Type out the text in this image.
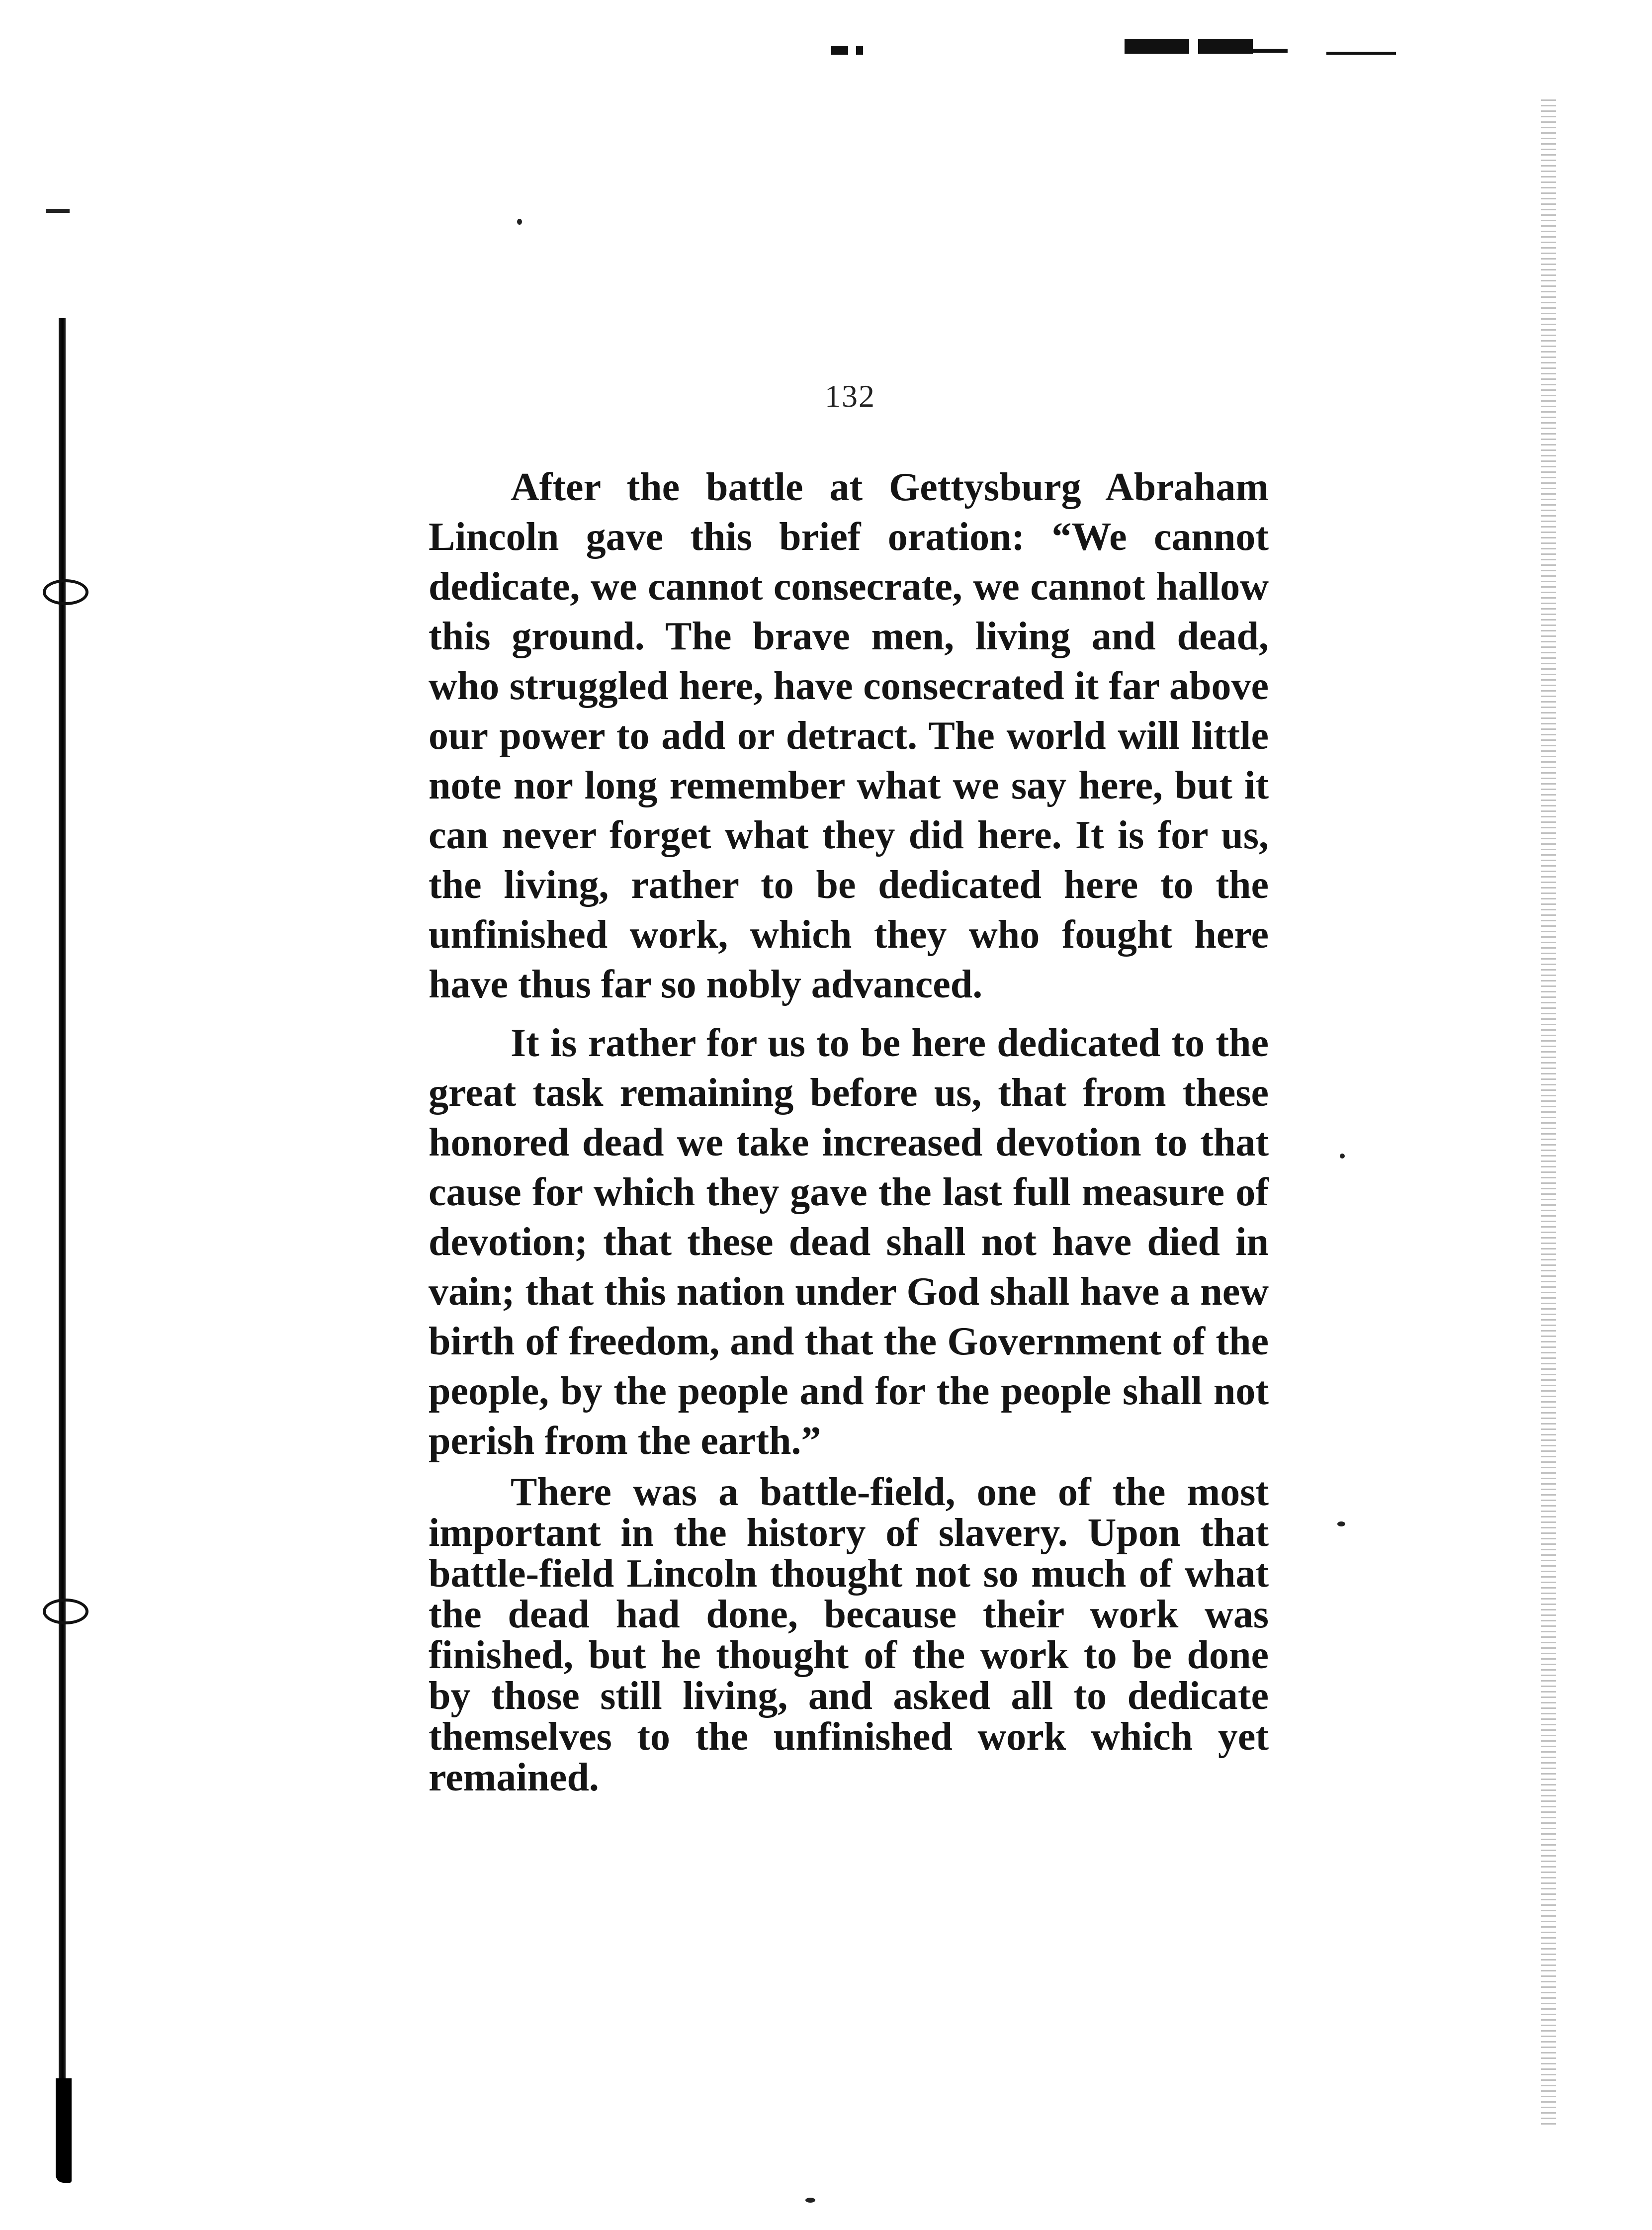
132

After the battle at Gettysburg Abraham Lincoln gave this brief oration: “We cannot dedicate, we cannot consecrate, we cannot hallow this ground. The brave men, living and dead, who struggled here, have consecrated it far above our power to add or detract. The world will little note nor long remember what we say here, but it can never forget what they did here. It is for us, the living, rather to be dedicated here to the unfinished work, which they who fought here have thus far so nobly advanced.

It is rather for us to be here dedicated to the great task remaining before us, that from these honored dead we take increased devotion to that cause for which they gave the last full measure of devotion; that these dead shall not have died in vain; that this nation under God shall have a new birth of freedom, and that the Government of the people, by the people and for the people shall not perish from the earth.”

There was a battle-field, one of the most important in the history of slavery. Upon that battle-field Lincoln thought not so much of what the dead had done, because their work was finished, but he thought of the work to be done by those still living, and asked all to dedicate themselves to the unfinished work which yet remained.
